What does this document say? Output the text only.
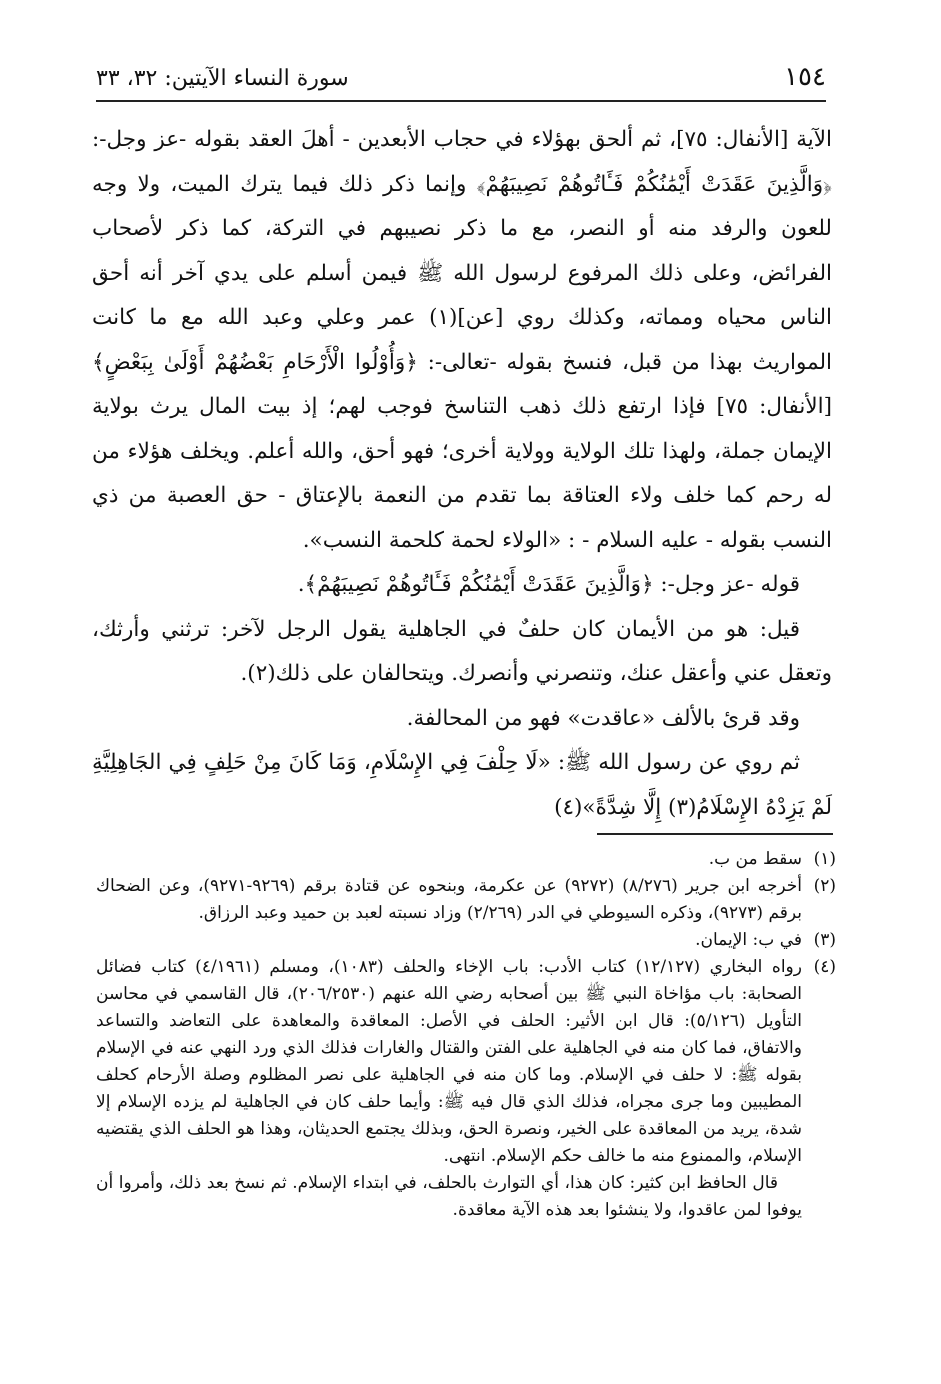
١٥٤
سورة النساء الآيتين: ٣٢، ٣٣

الآية [الأنفال: ٧٥]، ثم ألحق بهؤلاء في حجاب الأبعدين - أهلَ العقد بقوله -عز وجل-: ﴿وَالَّذِينَ عَقَدَتْ أَيْمَٰنُكُمْ فَـَٔاتُوهُمْ نَصِيبَهُمْ﴾ وإنما ذكر ذلك فيما يترك الميت، ولا وجه للعون والرفد منه أو النصر، مع ما ذكر نصيبهم في التركة، كما ذكر لأصحاب الفرائض، وعلى ذلك المرفوع لرسول الله ﷺ فيمن أسلم على يدي آخر أنه أحق الناس محياه ومماته، وكذلك روي [عن](١) عمر وعلي وعبد الله مع ما كانت المواريث بهذا من قبل، فنسخ بقوله -تعالى-: ﴿وَأُوْلُوا الْأَرْحَامِ بَعْضُهُمْ أَوْلَىٰ بِبَعْضٍ﴾ [الأنفال: ٧٥] فإذا ارتفع ذلك ذهب التناسخ فوجب لهم؛ إذ بيت المال يرث بولاية الإيمان جملة، ولهذا تلك الولاية وولاية أخرى؛ فهو أحق، والله أعلم. ويخلف هؤلاء من له رحم كما خلف ولاء العتاقة بما تقدم من النعمة بالإعتاق - حق العصبة من ذي النسب بقوله - عليه السلام - : «الولاء لحمة كلحمة النسب».

قوله -عز وجل-: ﴿وَالَّذِينَ عَقَدَتْ أَيْمَٰنُكُمْ فَـَٔاتُوهُمْ نَصِيبَهُمْ﴾.

قيل: هو من الأيمان كان حلفٌ في الجاهلية يقول الرجل لآخر: ترثني وأرثك، وتعقل عني وأعقل عنك، وتنصرني وأنصرك. ويتحالفان على ذلك(٢).

وقد قرئ بالألف «عاقدت» فهو من المحالفة.

ثم روي عن رسول الله ﷺ: «لَا حِلْفَ فِي الإِسْلَامِ، وَمَا كَانَ مِنْ حَلِفٍ فِي الجَاهِلِيَّةِ لَمْ يَزِدْهُ الإِسْلَامُ(٣) إِلَّا شِدَّةً»(٤)

(١)

سقط من ب.

(٢)

أخرجه ابن جرير (٨/٢٧٦) (٩٢٧٢) عن عكرمة، وبنحوه عن قتادة برقم (٩٢٦٩-٩٢٧١)، وعن الضحاك برقم (٩٢٧٣)، وذكره السيوطي في الدر (٢/٢٦٩) وزاد نسبته لعبد بن حميد وعبد الرزاق.

(٣)

في ب: الإيمان.

(٤)

رواه البخاري (١٢/١٢٧) كتاب الأدب: باب الإخاء والحلف (١٠٨٣)، ومسلم (٤/١٩٦١) كتاب فضائل الصحابة: باب مؤاخاة النبي ﷺ بين أصحابه رضي الله عنهم (٢٠٦/٢٥٣٠)، قال القاسمي في محاسن التأويل (٥/١٢٦): قال ابن الأثير: الحلف في الأصل: المعاقدة والمعاهدة على التعاضد والتساعد والاتفاق، فما كان منه في الجاهلية على الفتن والقتال والغارات فذلك الذي ورد النهي عنه في الإسلام بقوله ﷺ: لا حلف في الإسلام. وما كان منه في الجاهلية على نصر المظلوم وصلة الأرحام كحلف المطيبين وما جرى مجراه، فذلك الذي قال فيه ﷺ: وأيما حلف كان في الجاهلية لم يزده الإسلام إلا شدة، يريد من المعاقدة على الخير، ونصرة الحق، وبذلك يجتمع الحديثان، وهذا هو الحلف الذي يقتضيه الإسلام، والممنوع منه ما خالف حكم الإسلام. انتهى.

قال الحافظ ابن كثير: كان هذا، أي التوارث بالحلف، في ابتداء الإسلام. ثم نسخ بعد ذلك، وأمروا أن يوفوا لمن عاقدوا، ولا ينشئوا بعد هذه الآية معاقدة.
